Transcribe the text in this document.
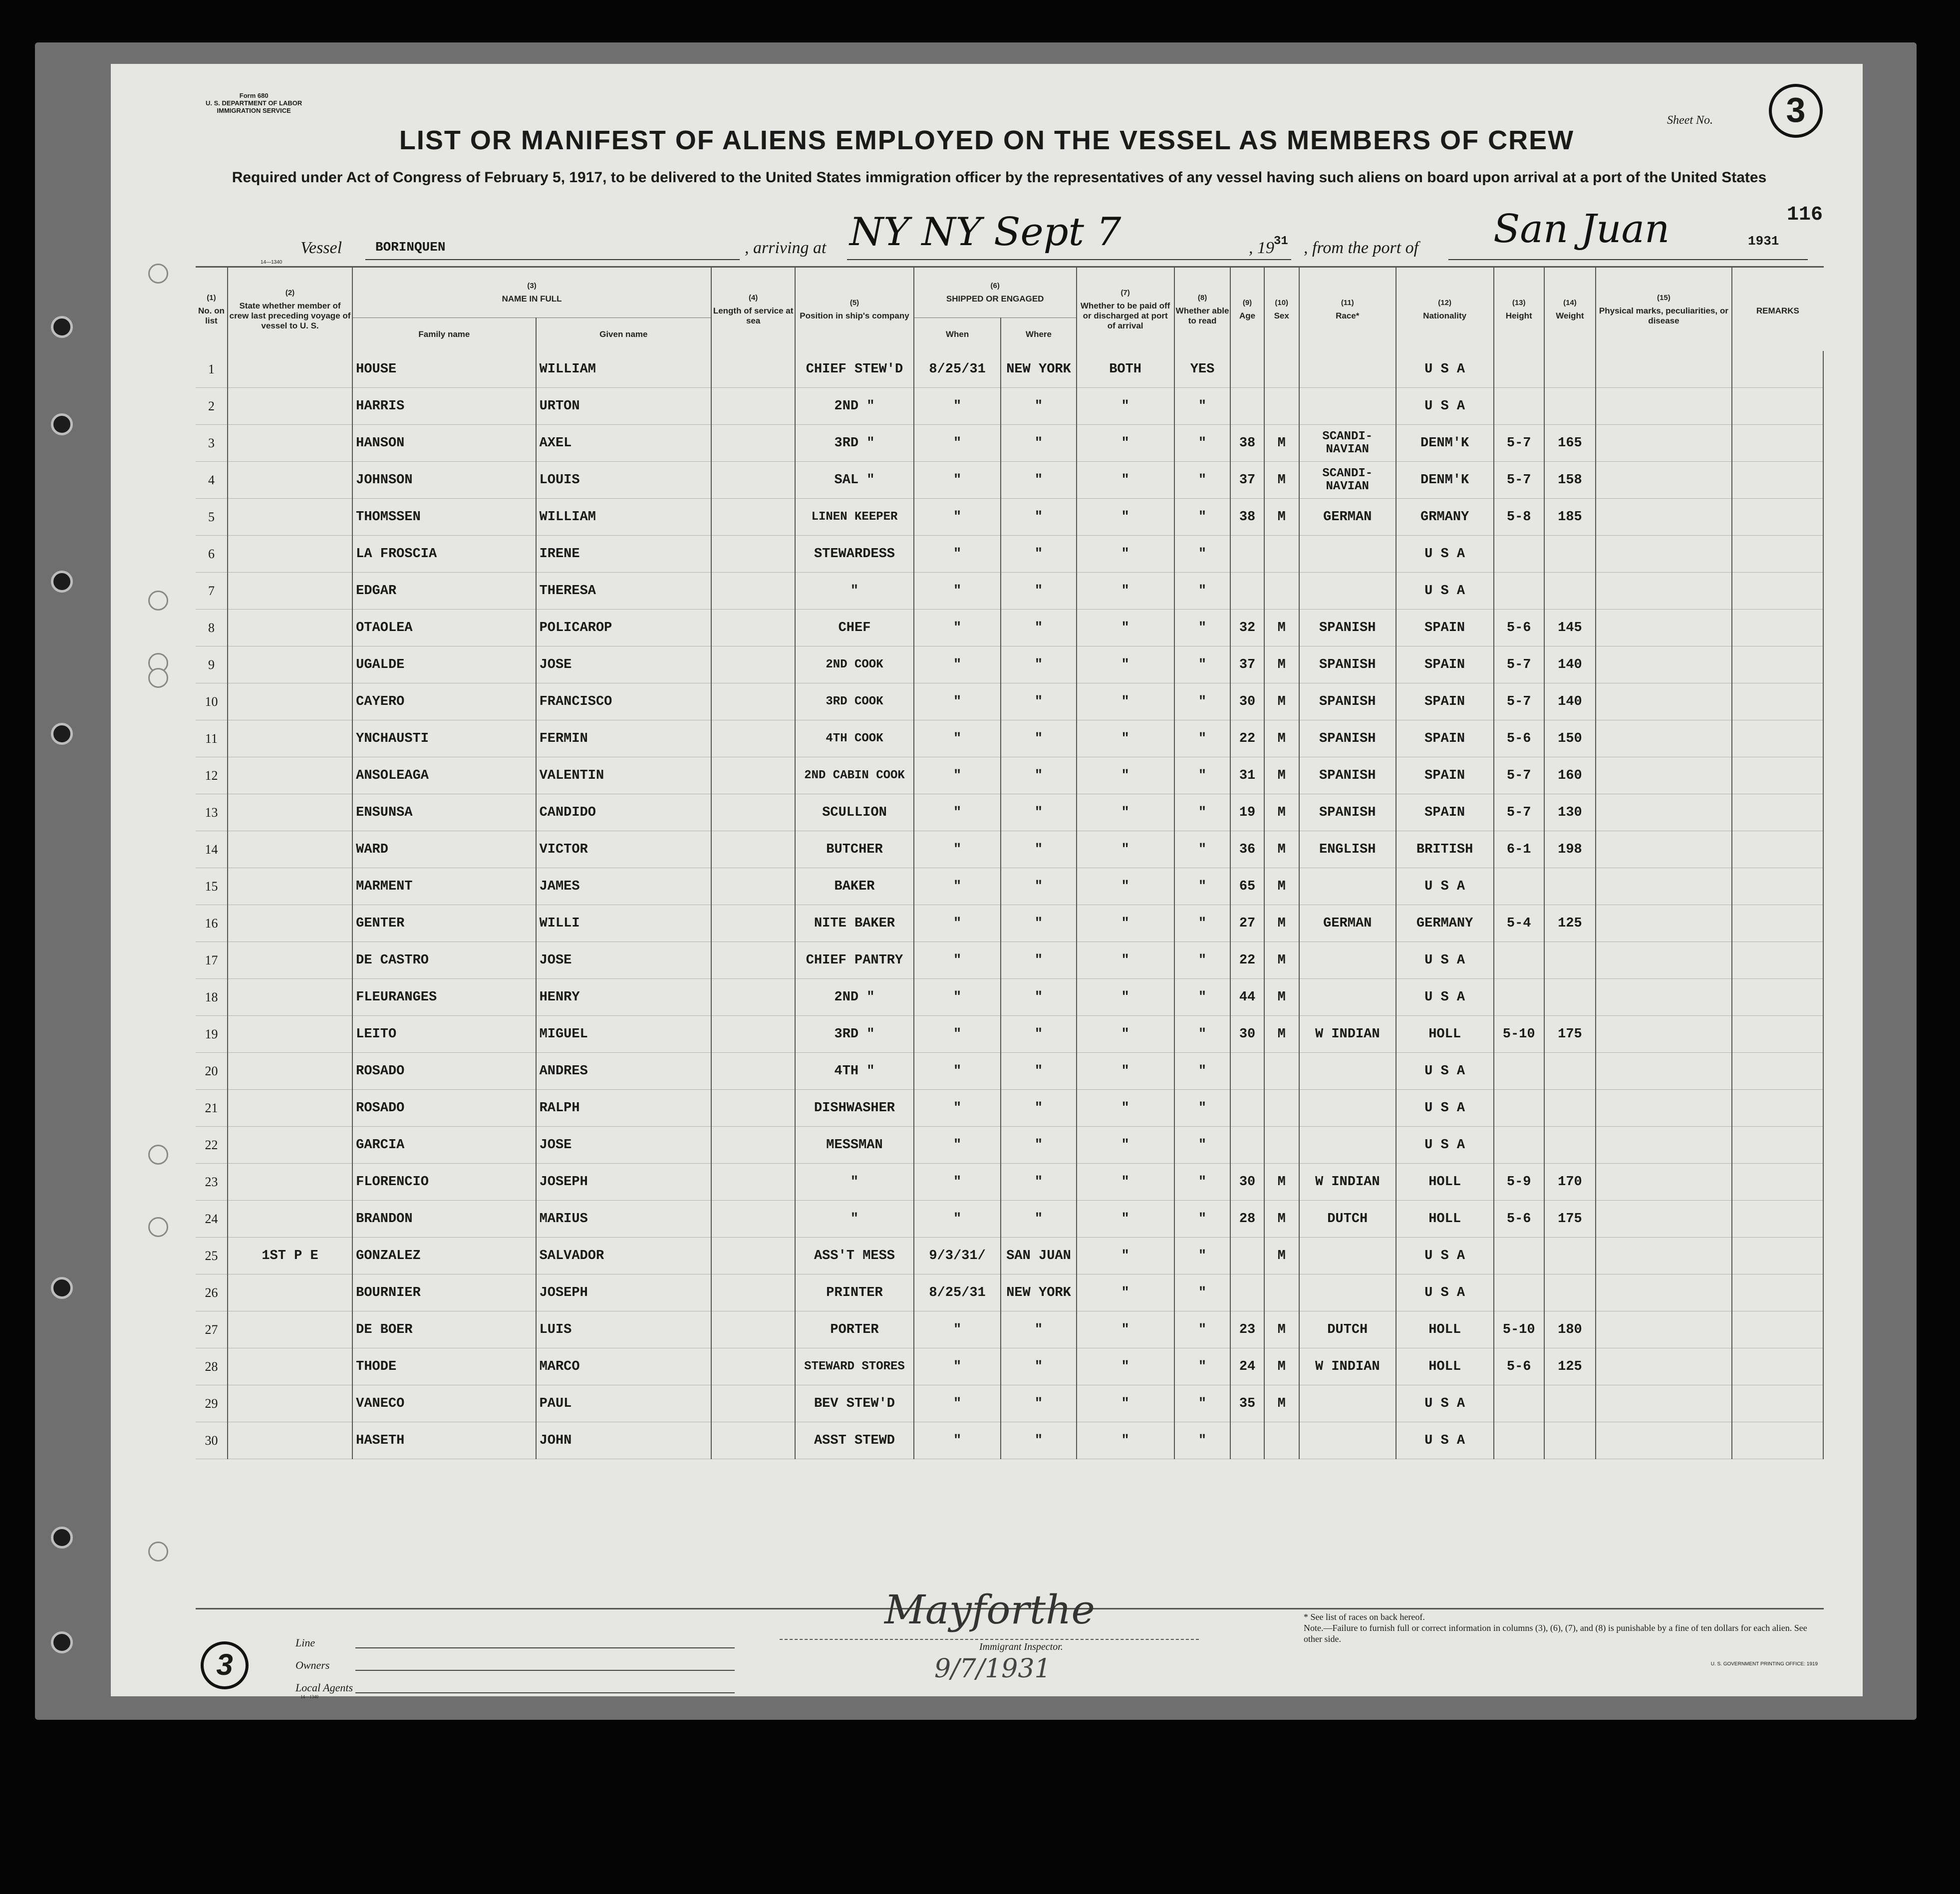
Form 680
U. S. DEPARTMENT OF LABOR
IMMIGRATION SERVICE
Sheet No.	3
LIST OR MANIFEST OF ALIENS EMPLOYED ON THE VESSEL AS MEMBERS OF CREW
Required under Act of Congress of February 5, 1917, to be delivered to the United States immigration officer by the representatives of any vessel having such aliens on board upon arrival at a port of the United States
116
Vessel	BORINQUEN	, arriving at NY NY Sept 7	, 19 31 , from the port of San Juan	1931
14—1340
(1)
No. on list	(2)
State whether member of crew last preceding voyage of vessel to U. S.	(3)
NAME IN FULL		(4)
Length of service at sea	(5)
Position in ship's company	(6)
SHIPPED OR ENGAGED		(7)
Whether to be paid off or discharged at port of arrival	(8)
Whether able to read	(9)
Age	(10)
Sex	(11)
Race*	(12)
Nationality	(13)
Height	(14)
Weight	(15)
Physical marks, peculiarities, or disease	REMARKS
		Family name	Given name			When	Where										
1		HOUSE	WILLIAM		CHIEF STEW'D	8/25/31	NEW YORK	BOTH	YES				U S A				
2		HARRIS	URTON		2ND "	"	"	"	"				U S A				
3		HANSON	AXEL		3RD "	"	"	"	"	38	M	SCANDI- NAVIAN	DENM'K	5-7	165		
4		JOHNSON	LOUIS		SAL "	"	"	"	"	37	M	SCANDI- NAVIAN	DENM'K	5-7	158		
5		THOMSSEN	WILLIAM		LINEN KEEPER	"	"	"	"	38	M	GERMAN	GRMANY	5-8	185		
6		LA FROSCIA	IRENE		STEWARDESS	"	"	"	"				U S A				
7		EDGAR	THERESA		"	"	"	"	"				U S A				
8		OTAOLEA	POLICAROP		CHEF	"	"	"	"	32	M	SPANISH	SPAIN	5-6	145		
9		UGALDE	JOSE		2ND COOK	"	"	"	"	37	M	SPANISH	SPAIN	5-7	140		
10		CAYERO	FRANCISCO		3RD COOK	"	"	"	"	30	M	SPANISH	SPAIN	5-7	140		
11		YNCHAUSTI	FERMIN		4TH COOK	"	"	"	"	22	M	SPANISH	SPAIN	5-6	150		
12		ANSOLEAGA	VALENTIN		2ND CABIN COOK	"	"	"	"	31	M	SPANISH	SPAIN	5-7	160		
13		ENSUNSA	CANDIDO		SCULLION	"	"	"	"	19	M	SPANISH	SPAIN	5-7	130		
14		WARD	VICTOR		BUTCHER	"	"	"	"	36	M	ENGLISH	BRITISH	6-1	198		
15		MARMENT	JAMES		BAKER	"	"	"	"	65	M		U S A				
16		GENTER	WILLI		NITE BAKER	"	"	"	"	27	M	GERMAN	GERMANY	5-4	125		
17		DE CASTRO	JOSE		CHIEF PANTRY	"	"	"	"	22	M		U S A				
18		FLEURANGES	HENRY		2ND "	"	"	"	"	44	M		U S A				
19		LEITO	MIGUEL		3RD "	"	"	"	"	30	M	W INDIAN	HOLL	5-10	175		
20		ROSADO	ANDRES		4TH "	"	"	"	"				U S A				
21		ROSADO	RALPH		DISHWASHER	"	"	"	"				U S A				
22		GARCIA	JOSE		MESSMAN	"	"	"	"				U S A				
23		FLORENCIO	JOSEPH		"	"	"	"	"	30	M	W INDIAN	HOLL	5-9	170		
24		BRANDON	MARIUS		"	"	"	"	"	28	M	DUTCH	HOLL	5-6	175		
25	1ST P E	GONZALEZ	SALVADOR		ASS'T MESS	9/3/31/	SAN JUAN	"	"		M		U S A				
26		BOURNIER	JOSEPH		PRINTER	8/25/31	NEW YORK	"	"				U S A				
27		DE BOER	LUIS		PORTER	"	"	"	"	23	M	DUTCH	HOLL	5-10	180		
28		THODE	MARCO		STEWARD STORES	"	"	"	"	24	M	W INDIAN	HOLL	5-6	125		
29		VANECO	PAUL		BEV STEW'D	"	"	"	"	35	M		U S A				
30		HASETH	JOHN		ASST STEWD	"	"	"	"				U S A				
3
Line
Owners
Local Agents
14—1340
Mayforthe
Immigrant Inspector.
9/7/1931
* See list of races on back hereof.
Note.—Failure to furnish full or correct information in columns (3), (6), (7), and (8) is punishable by a fine of ten dollars for each alien. See other side.
U. S. GOVERNMENT PRINTING OFFICE: 1919
